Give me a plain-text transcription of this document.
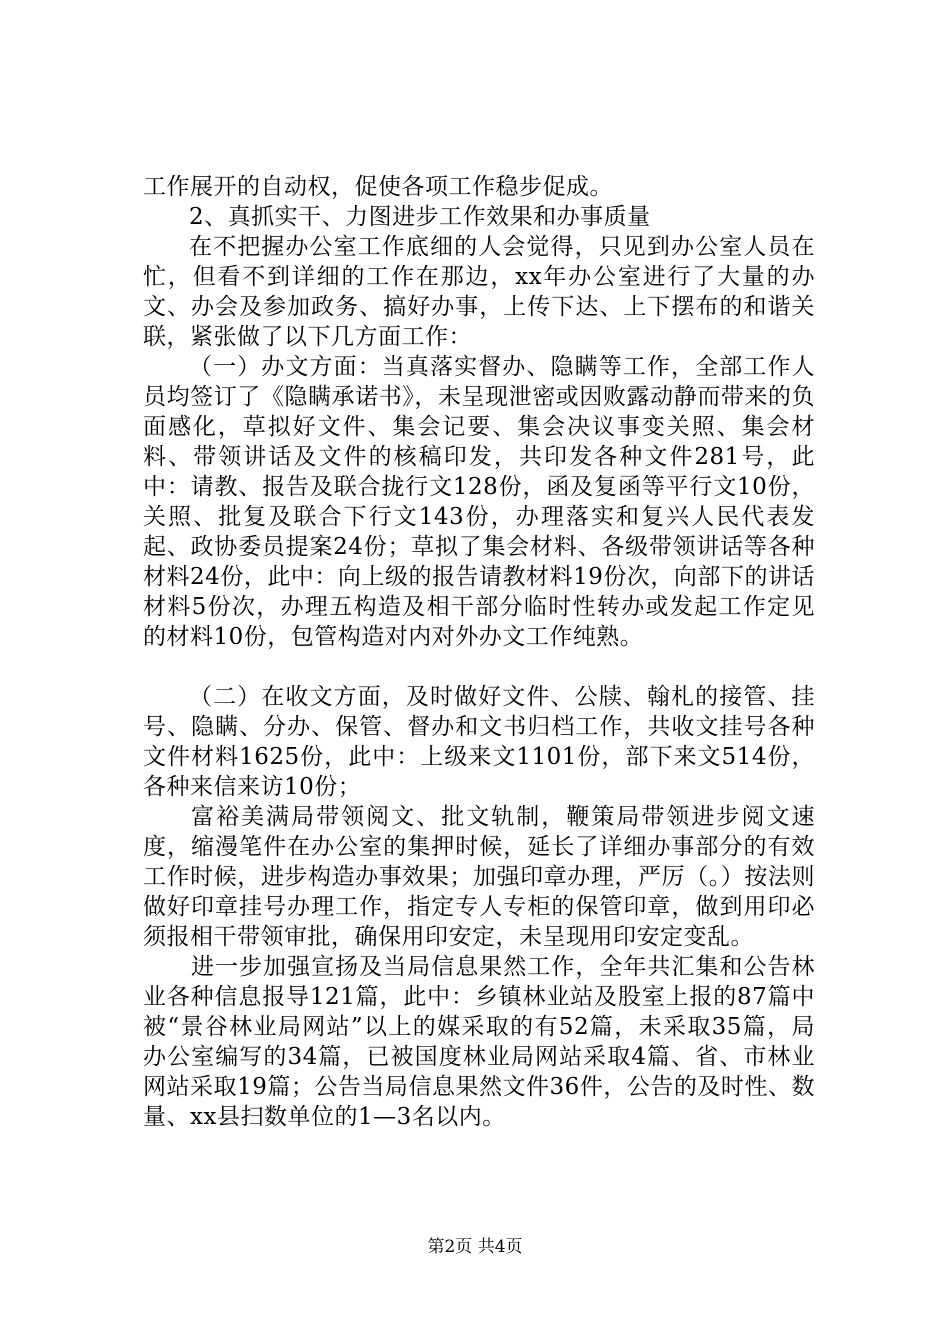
工作展开的自动权，促使各项工作稳步促成。

2、真抓实干、力图进步工作效果和办事质量

在不把握办公室工作底细的人会觉得，只见到办公室人员在忙，但看不到详细的工作在那边，xx年办公室进行了大量的办文、办会及参加政务、搞好办事，上传下达、上下摆布的和谐关联，紧张做了以下几方面工作：

（一）办文方面：当真落实督办、隐瞒等工作，全部工作人员均签订了《隐瞒承诺书》，未呈现泄密或因败露动静而带来的负面感化，草拟好文件、集会记要、集会决议事变关照、集会材料、带领讲话及文件的核稿印发，共印发各种文件281号，此中：请教、报告及联合拢行文128份，函及复函等平行文10份，关照、批复及联合下行文143份，办理落实和复兴人民代表发起、政协委员提案24份；草拟了集会材料、各级带领讲话等各种材料24份，此中：向上级的报告请教材料19份次，向部下的讲话材料5份次，办理五构造及相干部分临时性转办或发起工作定见的材料10份，包管构造对内对外办文工作纯熟。

（二）在收文方面，及时做好文件、公牍、翰札的接管、挂号、隐瞒、分办、保管、督办和文书归档工作，共收文挂号各种文件材料1625份，此中：上级来文1101份，部下来文514份，各种来信来访10份；

富裕美满局带领阅文、批文轨制，鞭策局带领进步阅文速度，缩漫笔件在办公室的集押时候，延长了详细办事部分的有效工作时候，进步构造办事效果；加强印章办理，严厉（。）按法则做好印章挂号办理工作，指定专人专柜的保管印章，做到用印必须报相干带领审批，确保用印安定，未呈现用印安定变乱。

进一步加强宣扬及当局信息果然工作，全年共汇集和公告林业各种信息报导121篇，此中：乡镇林业站及股室上报的87篇中被“景谷林业局网站”以上的媒采取的有52篇，未采取35篇，局办公室编写的34篇，已被国度林业局网站采取4篇、省、市林业网站采取19篇；公告当局信息果然文件36件，公告的及时性、数量、xx县扫数单位的1—3名以内。

第2页 共4页
